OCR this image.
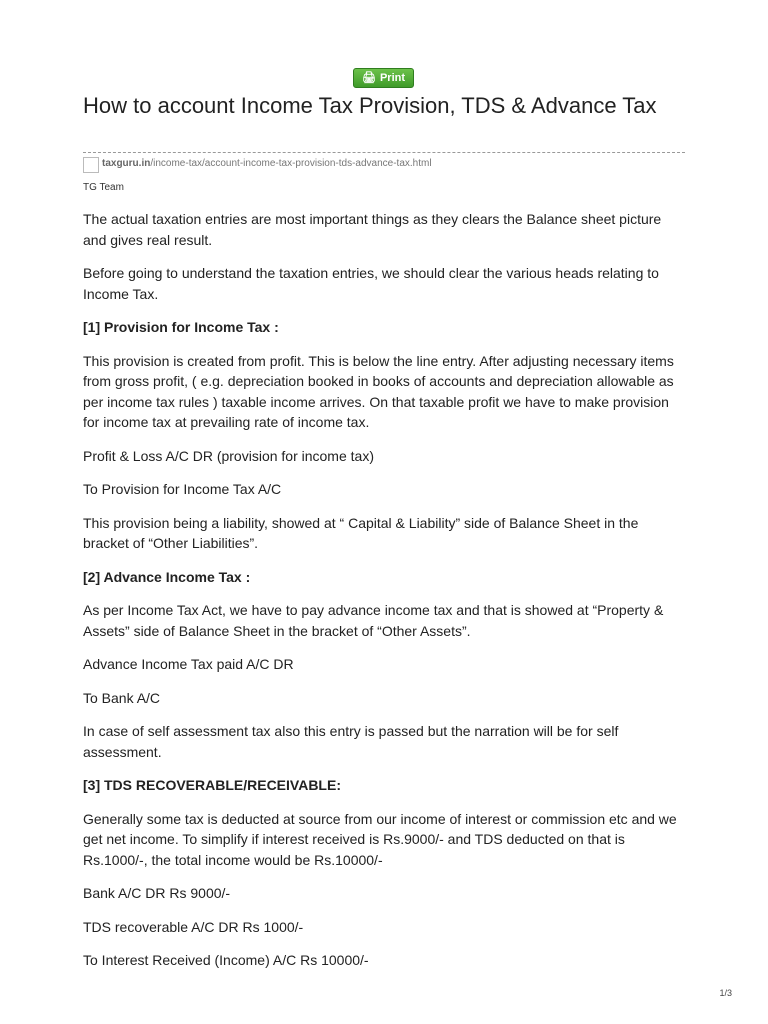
🖨 Print
How to account Income Tax Provision, TDS & Advance Tax
taxguru.in/income-tax/account-income-tax-provision-tds-advance-tax.html
TG Team

The actual taxation entries are most important things as they clears the Balance sheet picture and gives real result.

Before going to understand the taxation entries, we should clear the various heads relating to Income Tax.

[1] Provision for Income Tax :

This provision is created from profit. This is below the line entry. After adjusting necessary items from gross profit, ( e.g. depreciation booked in books of accounts and depreciation allowable as per income tax rules ) taxable income arrives. On that taxable profit we have to make provision for income tax at prevailing rate of income tax.

Profit & Loss A/C DR (provision for income tax)

To Provision for Income Tax A/C

This provision being a liability, showed at “ Capital & Liability” side of Balance Sheet in the bracket of “Other Liabilities”.

[2] Advance Income Tax :

As per Income Tax Act, we have to pay advance income tax and that is showed at “Property & Assets” side of Balance Sheet in the bracket of “Other Assets”.

Advance Income Tax paid A/C DR

To Bank A/C

In case of self assessment tax also this entry is passed but the narration will be for self assessment.

[3] TDS RECOVERABLE/RECEIVABLE:

Generally some tax is deducted at source from our income of interest or commission etc and we get net income. To simplify if interest received is Rs.9000/- and TDS deducted on that is Rs.1000/-, the total income would be Rs.10000/-

Bank A/C DR Rs 9000/-

TDS recoverable A/C DR Rs 1000/-

To Interest Received (Income) A/C Rs 10000/-

1/3
